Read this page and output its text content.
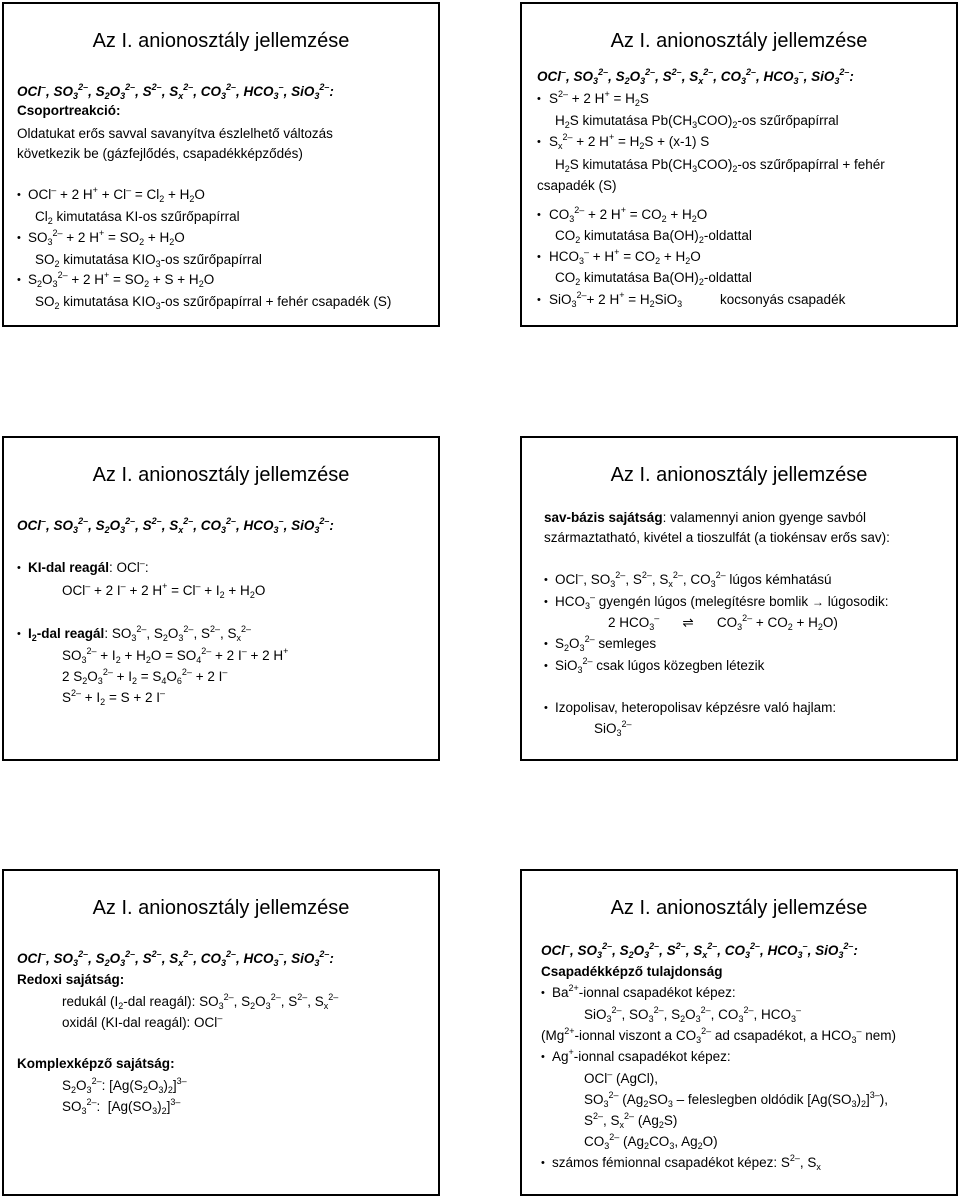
Az I. anionosztály jellemzése
OCl–, $SO_3^{2-}$, $S_2O_3^{2-}$, $S^{2-}$, $S_x^{2-}$, $CO_3^{2-}$, $HCO_3^-$, SiO$_3^{2-}$:
Csoportreakció:
Oldatukat erős savval savanyítva észlelhető változás
következik be (gázfejlődés, csapadékképződés)
• OCl– + 2 $H^+ + Cl^- = Cl_2 + H_2O$
$Cl_2$ kimutatása KI-os szűrőpapírral
• $SO_3^{2-} + 2$ $H^+ = SO_2 + H_2O$
$SO_2$ kimutatása $KIO_3-os$ szűrőpapírral
• $S_2O_3^{2-} + 2$ $H^+ = SO_2 + S + H_2O$
$SO_2$ kimutatása $KIO_3-os$ szűrőpapírral + fehér csapadék (S)
Az I. anionosztály jellemzése
OCl–, $SO_3^{2-}$, $S_2O_3^{2-}$, $S^{2-}$, $S_x^{2-}$, $CO_3^{2-}$, $HCO_3^-$, SiO$_3^{2-}$:
• $S^{2-} + 2$ $H^+ = H_2S$
$H_2S$ kimutatása $Pb(CH_3COO)_2-os$ szűrőpapírral
• $S_x^{2-} + 2$ $H^+ = H_2S + (x-1)$ S
$H_2S$ kimutatása $Pb(CH_3COO)_2-os$ szűrőpapírral + fehér
csapadék (S)
• $CO_3^{2-} + 2$ $H^+ = CO_2 + H_2O$
$CO_2$ kimutatása $Ba(OH)_2$-oldattal
• $HCO_3^- + H^+ = CO_2 + H_2O$
$CO_2$ kimutatása $Ba(OH)_2$-oldattal
• SiO$_3^{2-}$+ 2 $H^+ = H_2SiO_3$	kocsonyás csapadék
Az I. anionosztály jellemzése
OCl–, $SO_3^{2-}$, $S_2O_3^{2-}$, $S^{2-}$, $S_x^{2-}$, $CO_3^{2-}$, $HCO_3^-$, SiO$_3^{2-}$:
• KI-dal reagál: OCl–:
OCl– + 2 I– + 2 $H^+ = Cl^- + I_2 + H_2O$
• $I_2$-dal reagál: $SO_3^{2-}$, $S_2O_3^{2-}$, $S^{2-}$, $S_x^{2-}$
$SO_3^{2-} + I_2 + H_2O = SO_4^{2-} + 2$ I– + 2 H+
2 $S_2O_3^{2-} + I_2 = S_4O_6^{2-} + 2$ I–
$S^{2-} + I_2 = S + 2$ I–
Az I. anionosztály jellemzése
sav-bázis sajátság: valamennyi anion gyenge savból
származtatható, kivétel a tioszulfát (a tiokénsav erős sav):
• OCl–, $SO_3^{2-}$, $S^{2-}$, $S_x^{2-}$, $CO_3^{2-}$ lúgos kémhatású
• $HCO_3^-$ gyengén lúgos (melegítésre bomlik → lúgosodik:
2 $HCO_3^-$ ⇌ $CO_3^{2-} + CO_2 + H_2O$)
• $S_2O_3^{2-}$ semleges
• SiO$_3^{2-}$ csak lúgos közegben létezik
• Izopolisav, heteropolisav képzésre való hajlam:
SiO$_3^{2-}$
Az I. anionosztály jellemzése
OCl–, $SO_3^{2-}$, $S_2O_3^{2-}$, $S^{2-}$, $S_x^{2-}$, $CO_3^{2-}$, $HCO_3^-$, SiO$_3^{2-}$:
Redoxi sajátság:
redukál ($I_2$-dal reagál): $SO_3^{2-}$, $S_2O_3^{2-}$, $S^{2-}$, $S_x^{2-}$
oxidál (KI-dal reagál): OCl–
Komplexképző sajátság:
$S_2O_3^{2-}$: $[Ag(S_2O_3)_2]^{3-}$
$SO_3^{2-}$:  $[Ag(SO_3)_2]^{3-}$
Az I. anionosztály jellemzése
OCl–, $SO_3^{2-}$, $S_2O_3^{2-}$, $S^{2-}$, $S_x^{2-}$, $CO_3^{2-}$, $HCO_3^-$, SiO$_3^{2-}$:
Csapadékképző tulajdonság
• $Ba^{2+}$-ionnal csapadékot képez:
SiO$_3^{2-}$, $SO_3^{2-}$, $S_2O_3^{2-}$, $CO_3^{2-}$, $HCO_3^-$
($Mg^{2+}$-ionnal viszont a $CO_3^{2-}$ ad csapadékot, a $HCO_3^-$ nem)
• Ag+-ionnal csapadékot képez:
OCl– (AgCl),
$SO_3^{2-}$ ($Ag_2SO_3$ – feleslegben oldódik $[Ag(SO_3)_2]^{3-}$),
$S^{2-}$, $S_x^{2-}$ $(Ag_2S)$
$CO_3^{2-}$ ($Ag_2CO_3$, $Ag_2O$)
• számos fémionnal csapadékot képez: $S^{2-}$, $S_x$
